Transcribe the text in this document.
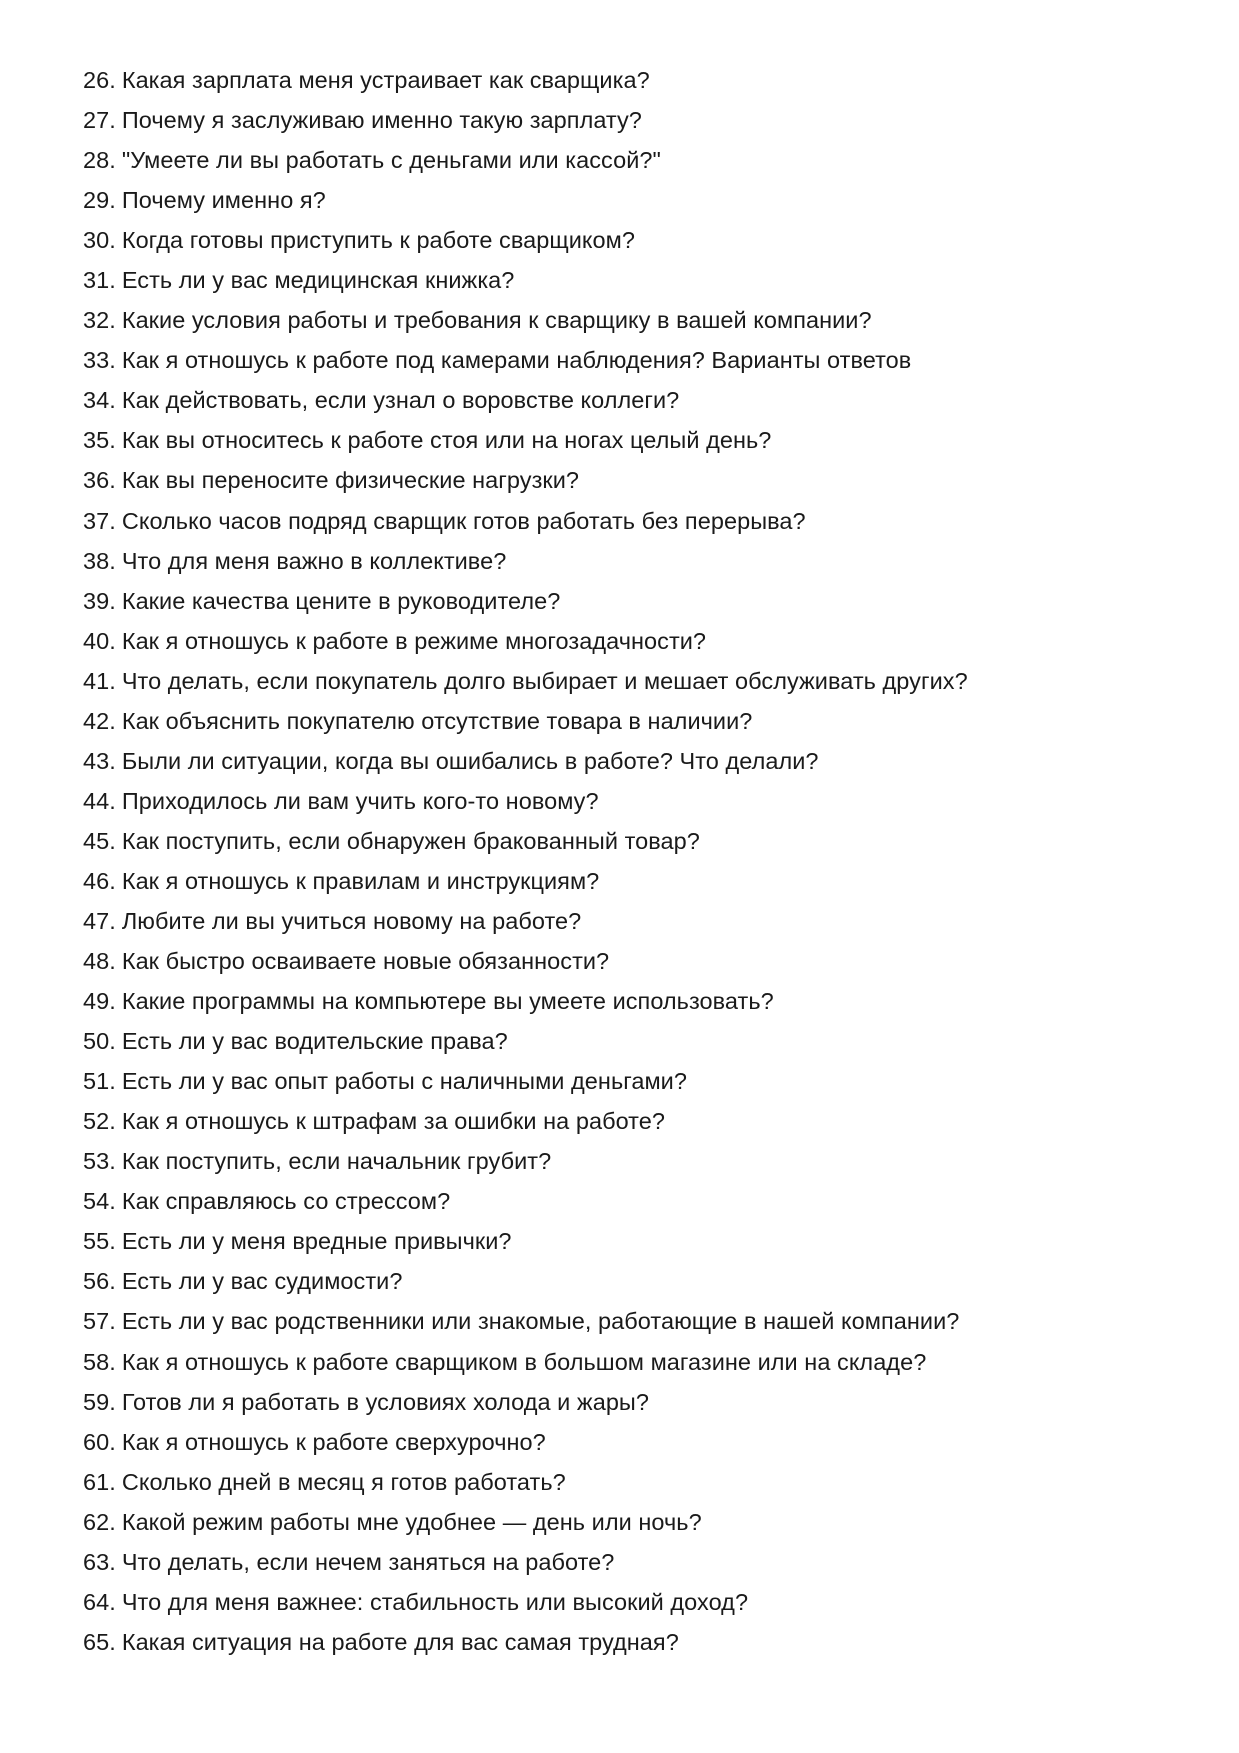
26. Какая зарплата меня устраивает как сварщика?
27. Почему я заслуживаю именно такую зарплату?
28. "Умеете ли вы работать с деньгами или кассой?"
29. Почему именно я?
30. Когда готовы приступить к работе сварщиком?
31. Есть ли у вас медицинская книжка?
32. Какие условия работы и требования к сварщику в вашей компании?
33. Как я отношусь к работе под камерами наблюдения? Варианты ответов
34. Как действовать, если узнал о воровстве коллеги?
35. Как вы относитесь к работе стоя или на ногах целый день?
36. Как вы переносите физические нагрузки?
37. Сколько часов подряд сварщик готов работать без перерыва?
38. Что для меня важно в коллективе?
39. Какие качества цените в руководителе?
40. Как я отношусь к работе в режиме многозадачности?
41. Что делать, если покупатель долго выбирает и мешает обслуживать других?
42. Как объяснить покупателю отсутствие товара в наличии?
43. Были ли ситуации, когда вы ошибались в работе? Что делали?
44. Приходилось ли вам учить кого-то новому?
45. Как поступить, если обнаружен бракованный товар?
46. Как я отношусь к правилам и инструкциям?
47. Любите ли вы учиться новому на работе?
48. Как быстро осваиваете новые обязанности?
49. Какие программы на компьютере вы умеете использовать?
50. Есть ли у вас водительские права?
51. Есть ли у вас опыт работы с наличными деньгами?
52. Как я отношусь к штрафам за ошибки на работе?
53. Как поступить, если начальник грубит?
54. Как справляюсь со стрессом?
55. Есть ли у меня вредные привычки?
56. Есть ли у вас судимости?
57. Есть ли у вас родственники или знакомые, работающие в нашей компании?
58. Как я отношусь к работе сварщиком в большом магазине или на складе?
59. Готов ли я работать в условиях холода и жары?
60. Как я отношусь к работе сверхурочно?
61. Сколько дней в месяц я готов работать?
62. Какой режим работы мне удобнее — день или ночь?
63. Что делать, если нечем заняться на работе?
64. Что для меня важнее: стабильность или высокий доход?
65. Какая ситуация на работе для вас самая трудная?
